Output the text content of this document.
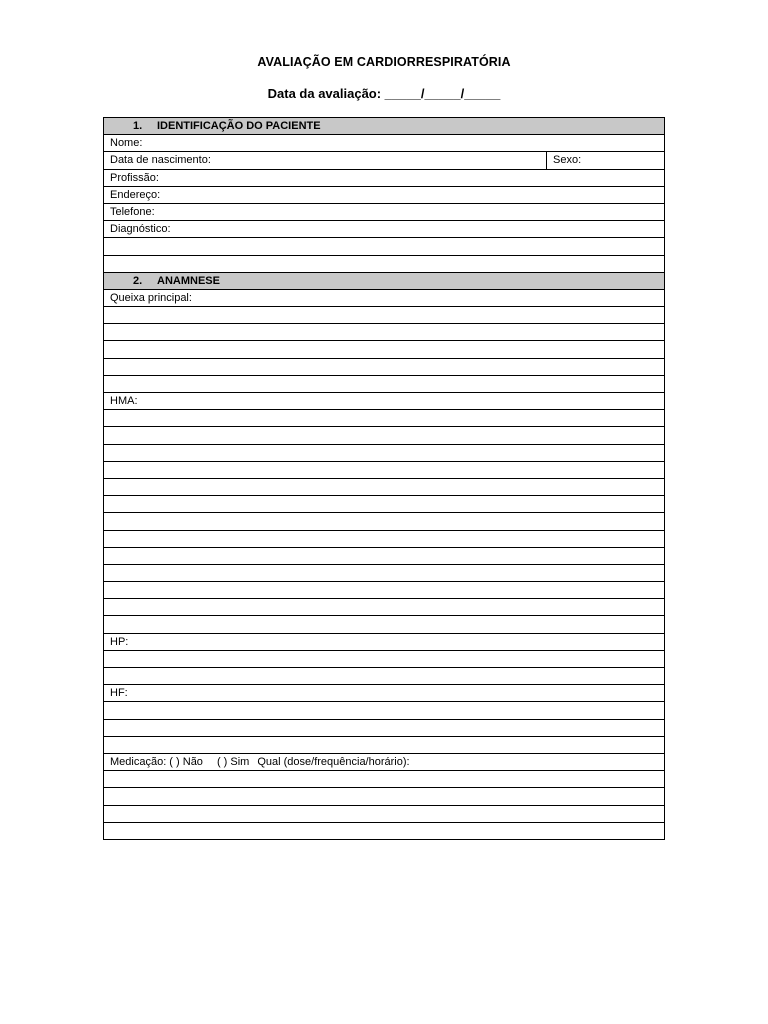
AVALIAÇÃO EM CARDIORRESPIRATÓRIA
Data da avaliação: _____/_____/_____
1. IDENTIFICAÇÃO DO PACIENTE
Nome:
Data de nascimento:	Sexo:
Profissão:
Endereço:
Telefone:
Diagnóstico:
2. ANAMNESE
Queixa principal:
HMA:
HP:
HF:
Medicação: ( ) Não ( ) Sim Qual (dose/frequência/horário):
